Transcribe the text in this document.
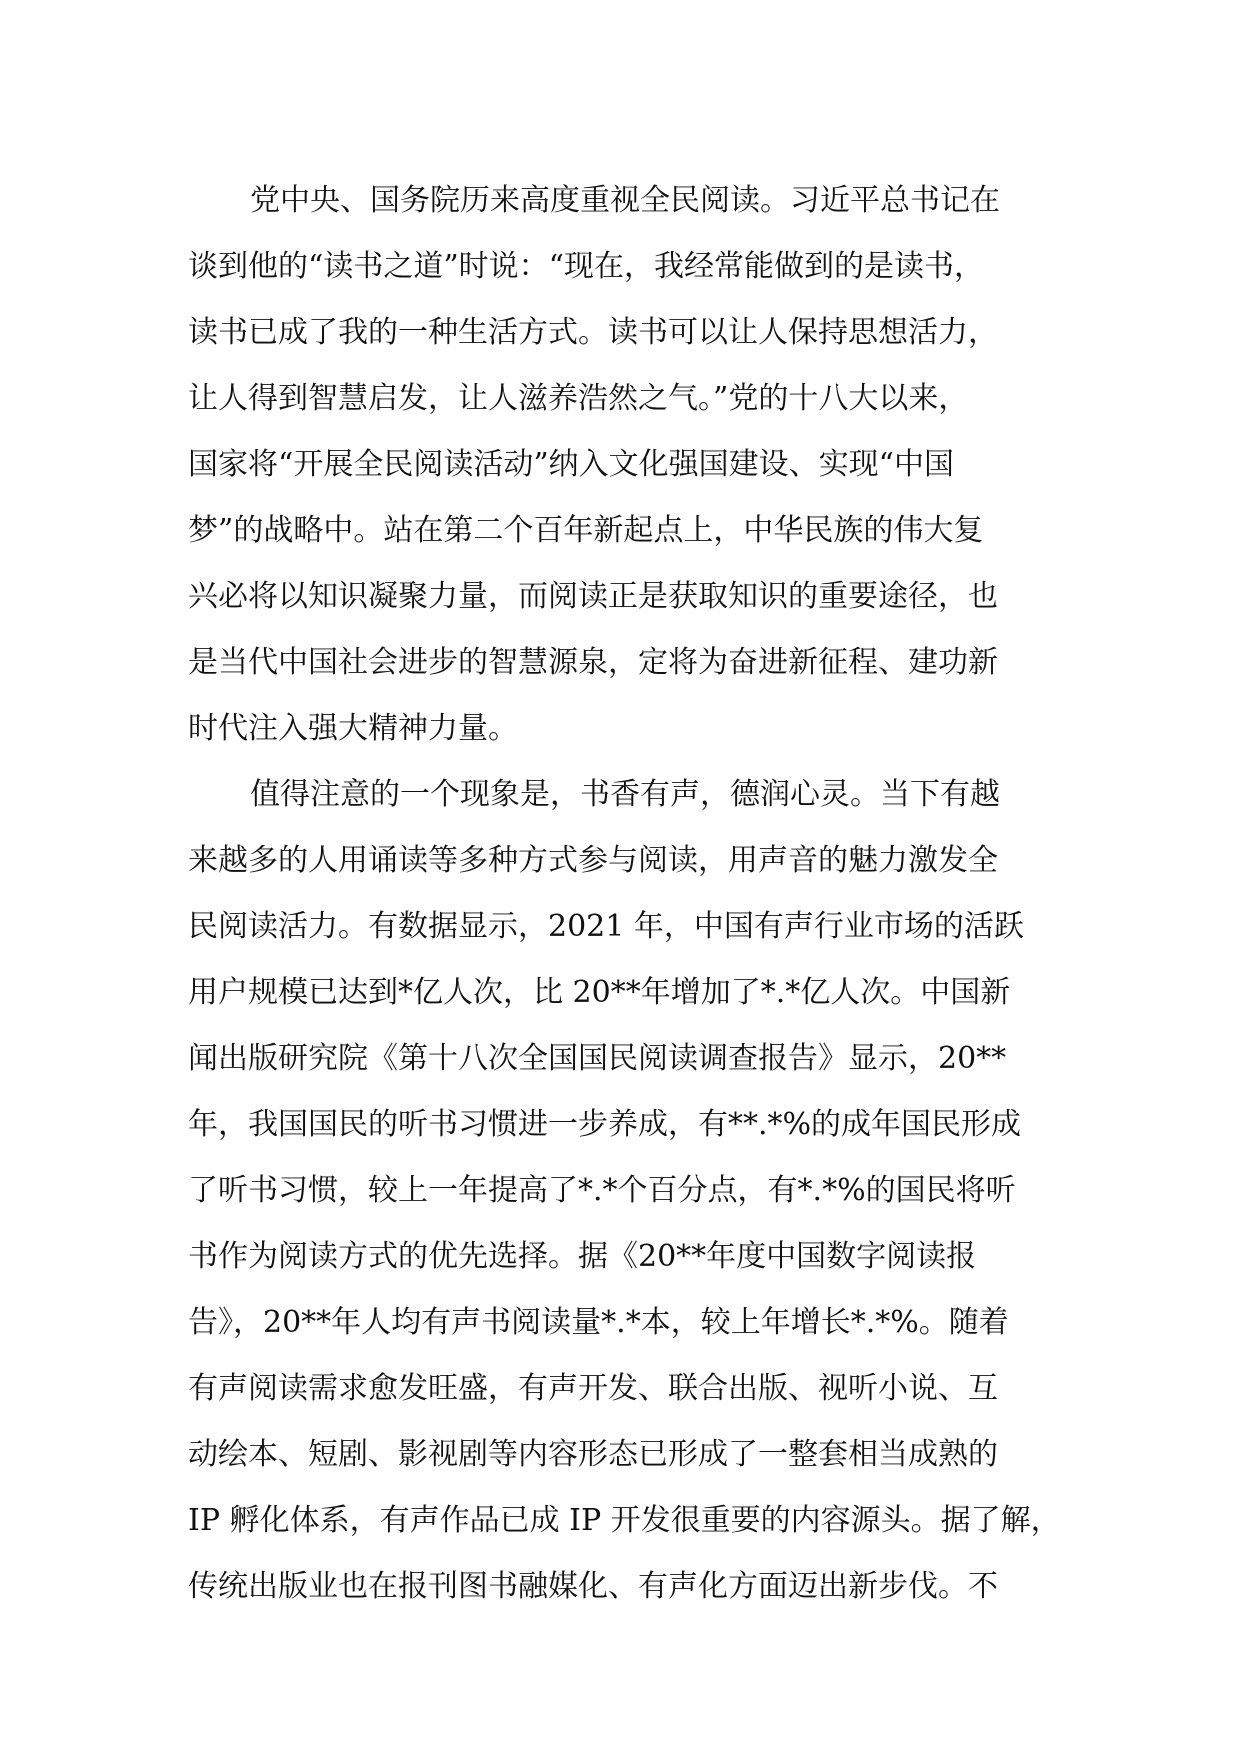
党中央、国务院历来高度重视全民阅读。习近平总书记在
谈到他的“读书之道”时说：“现在，我经常能做到的是读书，
读书已成了我的一种生活方式。读书可以让人保持思想活力，
让人得到智慧启发，让人滋养浩然之气。”党的十八大以来，
国家将“开展全民阅读活动”纳入文化强国建设、实现“中国
梦”的战略中。站在第二个百年新起点上，中华民族的伟大复
兴必将以知识凝聚力量，而阅读正是获取知识的重要途径，也
是当代中国社会进步的智慧源泉，定将为奋进新征程、建功新
时代注入强大精神力量。
值得注意的一个现象是，书香有声，德润心灵。当下有越
来越多的人用诵读等多种方式参与阅读，用声音的魅力激发全
民阅读活力。有数据显示，2021 年，中国有声行业市场的活跃
用户规模已达到*亿人次，比 20**年增加了*.*亿人次。中国新
闻出版研究院《第十八次全国国民阅读调查报告》显示，20**
年，我国国民的听书习惯进一步养成，有**.*%的成年国民形成
了听书习惯，较上一年提高了*.*个百分点，有*.*%的国民将听
书作为阅读方式的优先选择。据《20**年度中国数字阅读报
告》，20**年人均有声书阅读量*.*本，较上年增长*.*%。随着
有声阅读需求愈发旺盛，有声开发、联合出版、视听小说、互
动绘本、短剧、影视剧等内容形态已形成了一整套相当成熟的
IP 孵化体系，有声作品已成 IP 开发很重要的内容源头。据了解，
传统出版业也在报刊图书融媒化、有声化方面迈出新步伐。不
